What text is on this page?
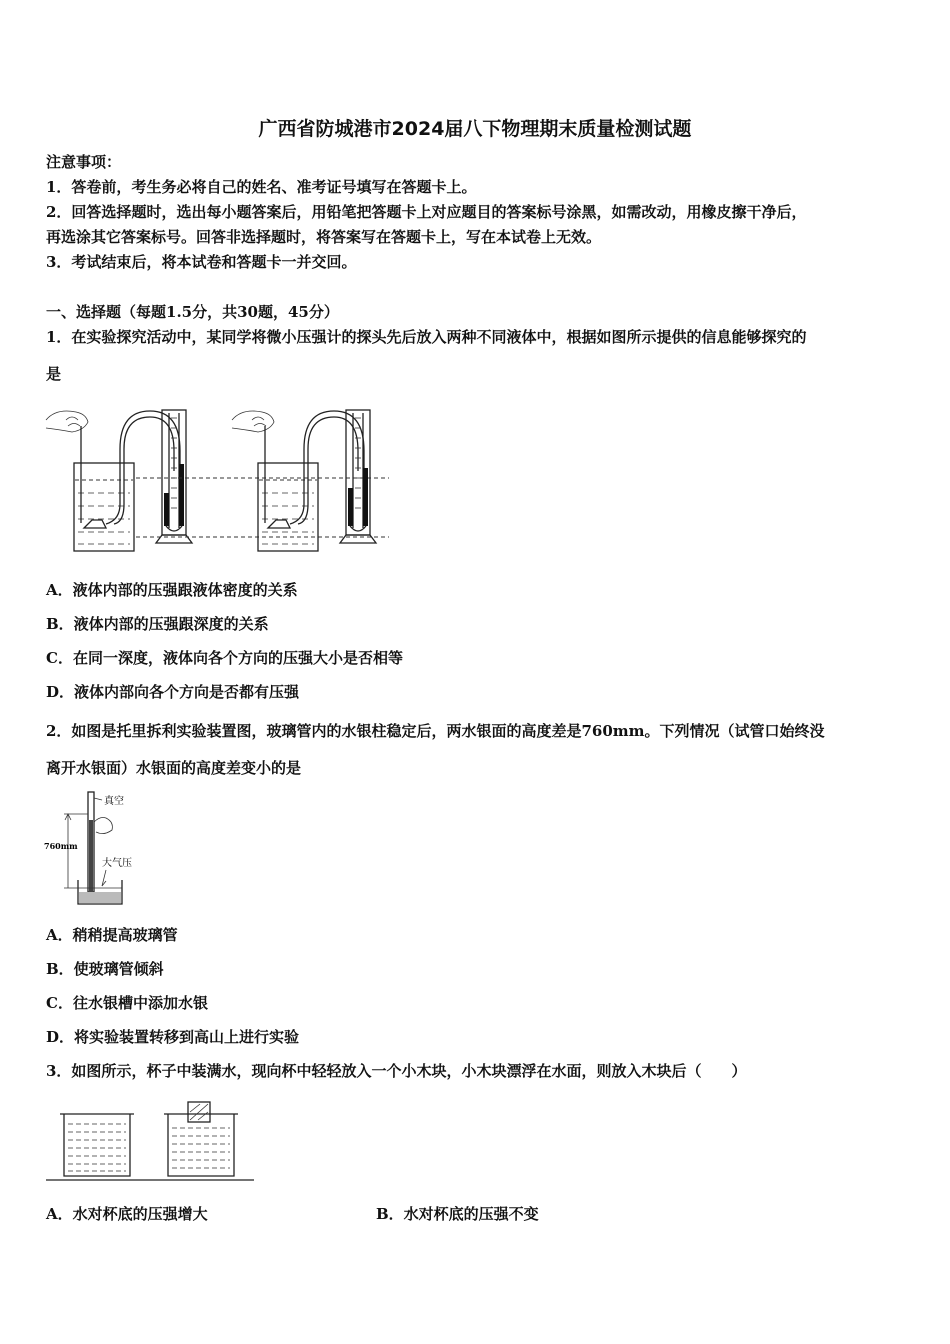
广西省防城港市2024届八下物理期末质量检测试题
注意事项：
1．答卷前，考生务必将自己的姓名、准考证号填写在答题卡上。
2．回答选择题时，选出每小题答案后，用铅笔把答题卡上对应题目的答案标号涂黑，如需改动，用橡皮擦干净后，
再选涂其它答案标号。回答非选择题时，将答案写在答题卡上，写在本试卷上无效。
3．考试结束后，将本试卷和答题卡一并交回。
一、选择题（每题1.5分，共30题，45分）
1．在实验探究活动中，某同学将微小压强计的探头先后放入两种不同液体中，根据如图所示提供的信息能够探究的
是
A．液体内部的压强跟液体密度的关系
B．液体内部的压强跟深度的关系
C．在同一深度，液体向各个方向的压强大小是否相等
D．液体内部向各个方向是否都有压强
2．如图是托里拆利实验装置图，玻璃管内的水银柱稳定后，两水银面的高度差是760mm。下列情况（试管口始终没
离开水银面）水银面的高度差变小的是
真空
760mm
大气压
A．稍稍提高玻璃管
B．使玻璃管倾斜
C．往水银槽中添加水银
D．将实验装置转移到高山上进行实验
3．如图所示，杯子中装满水，现向杯中轻轻放入一个小木块，小木块漂浮在水面，则放入木块后（　　）
A．水对杯底的压强增大	B．水对杯底的压强不变
